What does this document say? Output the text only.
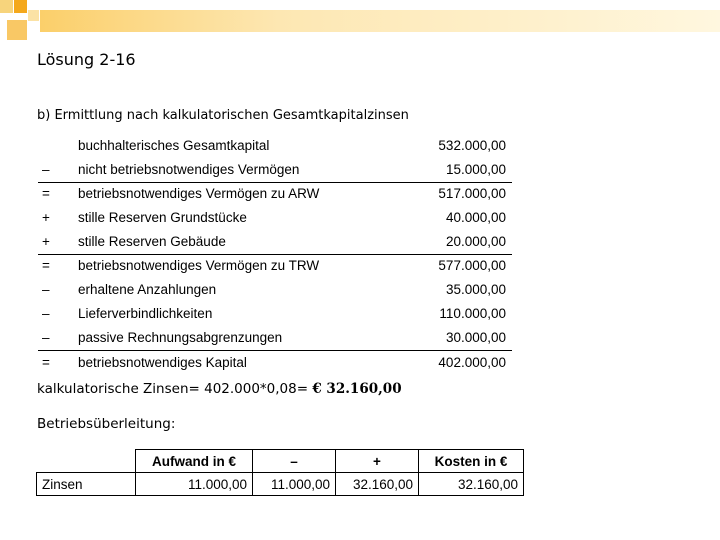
Lösung 2-16
b) Ermittlung nach kalkulatorischen Gesamtkapitalzinsen
buchhalterisches Gesamtkapital	532.000,00
–	nicht betriebsnotwendiges Vermögen	15.000,00
=	betriebsnotwendiges Vermögen zu ARW	517.000,00
+	stille Reserven Grundstücke	40.000,00
+	stille Reserven Gebäude	20.000,00
=	betriebsnotwendiges Vermögen zu TRW	577.000,00
–	erhaltene Anzahlungen	35.000,00
–	Lieferverbindlichkeiten	110.000,00
–	passive Rechnungsabgrenzungen	30.000,00
=	betriebsnotwendiges Kapital	402.000,00
kalkulatorische Zinsen= 402.000*0,08= € 32.160,00
Betriebsüberleitung:
	Aufwand in €	–	+	Kosten in €
Zinsen	11.000,00	11.000,00	32.160,00	32.160,00
